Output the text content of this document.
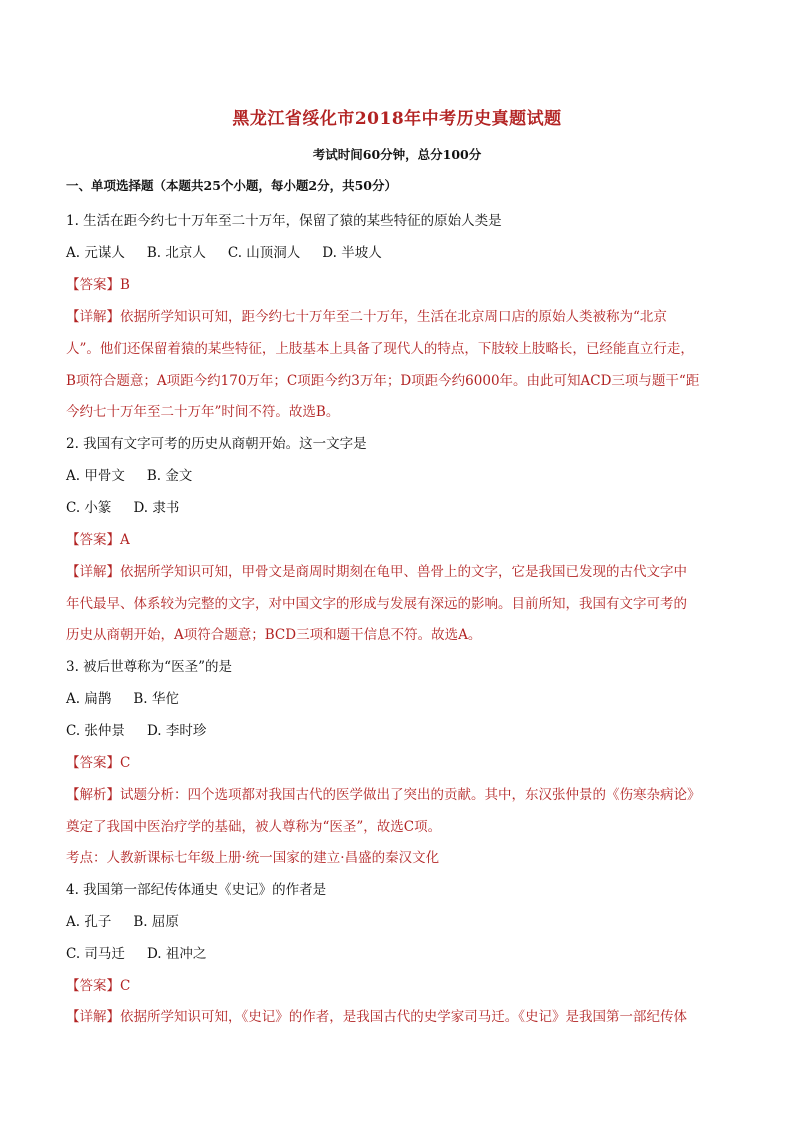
黑龙江省绥化市2018年中考历史真题试题
考试时间60分钟，总分100分
一、单项选择题（本题共25个小题，每小题2分，共50分）
1. 生活在距今约七十万年至二十万年，保留了猿的某些特征的原始人类是
A. 元谋人 B. 北京人 C. 山顶洞人 D. 半坡人
【答案】B
【详解】依据所学知识可知，距今约七十万年至二十万年，生活在北京周口店的原始人类被称为“北京
人”。他们还保留着猿的某些特征，上肢基本上具备了现代人的特点，下肢较上肢略长，已经能直立行走，
B项符合题意；A项距今约170万年；C项距今约3万年；D项距今约6000年。由此可知ACD三项与题干“距
今约七十万年至二十万年”时间不符。故选B。
2. 我国有文字可考的历史从商朝开始。这一文字是
A. 甲骨文 B. 金文
C. 小篆 D. 隶书
【答案】A
【详解】依据所学知识可知，甲骨文是商周时期刻在龟甲、兽骨上的文字，它是我国已发现的古代文字中
年代最早、体系较为完整的文字，对中国文字的形成与发展有深远的影响。目前所知，我国有文字可考的
历史从商朝开始，A项符合题意；BCD三项和题干信息不符。故选A。
3. 被后世尊称为“医圣”的是
A. 扁鹊 B. 华佗
C. 张仲景 D. 李时珍
【答案】C
【解析】试题分析：四个选项都对我国古代的医学做出了突出的贡献。其中，东汉张仲景的《伤寒杂病论》
奠定了我国中医治疗学的基础，被人尊称为“医圣”，故选C项。
考点：人教新课标七年级上册·统一国家的建立·昌盛的秦汉文化
4. 我国第一部纪传体通史《史记》的作者是
A. 孔子 B. 屈原
C. 司马迁 D. 祖冲之
【答案】C
【详解】依据所学知识可知，《史记》的作者，是我国古代的史学家司马迁。《史记》是我国第一部纪传体
